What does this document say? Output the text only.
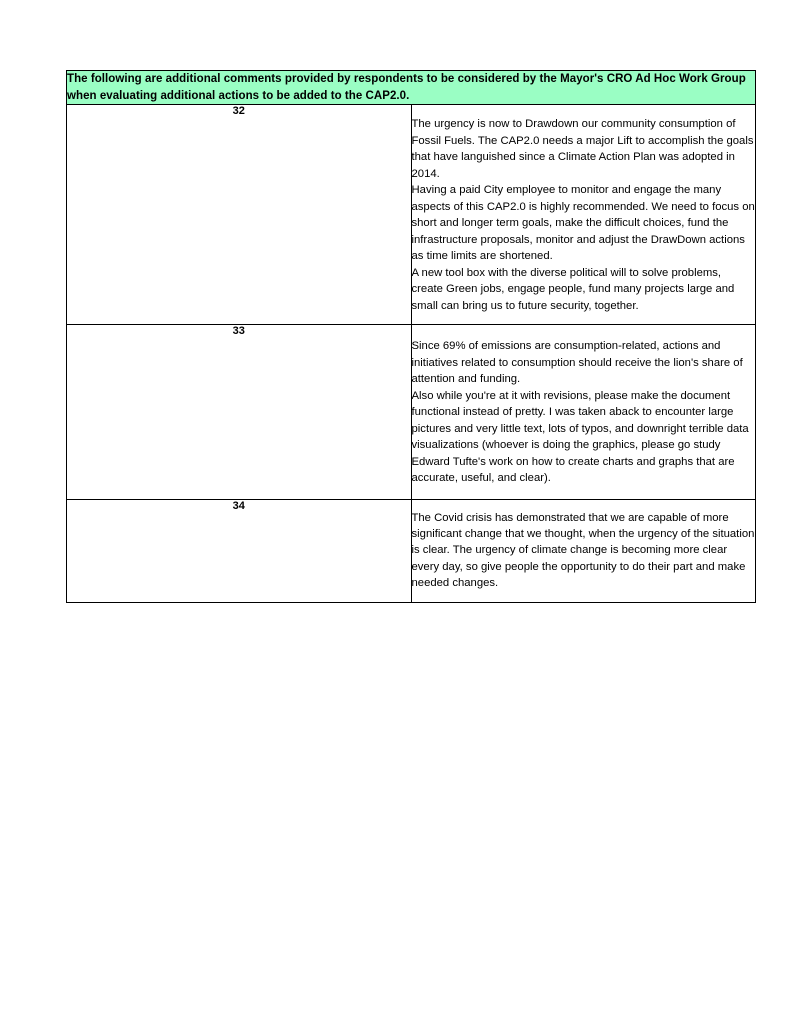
The following are additional comments provided by respondents to be considered by the Mayor's CRO Ad Hoc Work Group when evaluating additional actions to be added to the CAP2.0.	
32	The urgency is now to Drawdown our community consumption of Fossil Fuels. The CAP2.0 needs a major Lift to accomplish the goals that have languished since a Climate Action Plan was adopted in 2014.

Having a paid City employee to monitor and engage the many aspects of this CAP2.0 is highly recommended. We need to focus on short and longer term goals, make the difficult choices, fund the infrastructure proposals, monitor and adjust the DrawDown actions as time limits are shortened.

A new tool box with the diverse political will to solve problems, create Green jobs, engage people, fund many projects large and small can bring us to future security, together.

33	Since 69% of emissions are consumption-related, actions and initiatives related to consumption should receive the lion's share of attention and funding.

Also while you're at it with revisions, please make the document functional instead of pretty. I was taken aback to encounter large pictures and very little text, lots of typos, and downright terrible data visualizations (whoever is doing the graphics, please go study Edward Tufte's work on how to create charts and graphs that are accurate, useful, and clear).

34	The Covid crisis has demonstrated that we are capable of more significant change that we thought, when the urgency of the situation is clear. The urgency of climate change is becoming more clear every day, so give people the opportunity to do their part and make needed changes.
